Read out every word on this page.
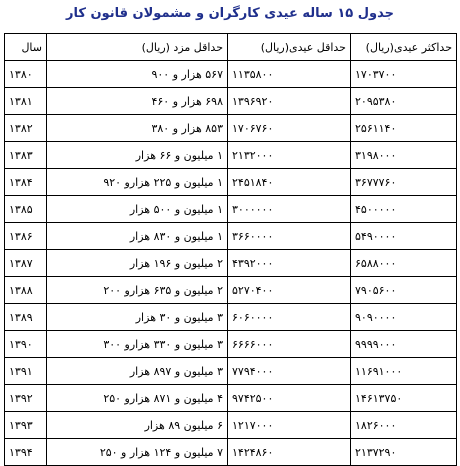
جدول ۱۵ ساله عیدی کارگران و مشمولان قانون کار
حداکثر عیدی(ریال)	حداقل عیدی(ریال)	حداقل مزد (ریال)	سال
۱۷۰۳۷۰۰	۱۱۳۵۸۰۰	۵۶۷ هزار و ۹۰۰	۱۳۸۰
۲۰۹۵۳۸۰	۱۳۹۶۹۲۰	۶۹۸ هزار و ۴۶۰	۱۳۸۱
۲۵۶۱۱۴۰	۱۷۰۶۷۶۰	۸۵۳ هزار و ۳۸۰	۱۳۸۲
۳۱۹۸۰۰۰	۲۱۳۲۰۰۰	۱ میلیون و ۶۶ هزار	۱۳۸۳
۳۶۷۷۷۶۰	۲۴۵۱۸۴۰	۱ میلیون و ۲۲۵ هزارو ۹۲۰	۱۳۸۴
۴۵۰۰۰۰۰	۳۰۰۰۰۰۰	۱ میلیون و ۵۰۰ هزار	۱۳۸۵
۵۴۹۰۰۰۰	۳۶۶۰۰۰۰	۱ میلیون و ۸۳۰ هزار	۱۳۸۶
۶۵۸۸۰۰۰	۴۳۹۲۰۰۰	۲ میلیون و ۱۹۶ هزار	۱۳۸۷
۷۹۰۵۶۰۰	۵۲۷۰۴۰۰	۲ میلیون و ۶۳۵ هزارو ۲۰۰	۱۳۸۸
۹۰۹۰۰۰۰	۶۰۶۰۰۰۰	۳ میلیون و ۳۰ هزار	۱۳۸۹
۹۹۹۹۰۰۰	۶۶۶۶۰۰۰	۳ میلیون و ۳۳۰ هزارو ۳۰۰	۱۳۹۰
۱۱۶۹۱۰۰۰	۷۷۹۴۰۰۰	۳ میلیون و ۸۹۷ هزار	۱۳۹۱
۱۴۶۱۳۷۵۰	۹۷۴۲۵۰۰	۴ میلیون و ۸۷۱ هزارو ۲۵۰	۱۳۹۲
۱۸۲۶۰۰۰	۱۲۱۷۰۰۰	۶ میلیون ۸۹ هزار	۱۳۹۳
۲۱۳۷۲۹۰	۱۴۲۴۸۶۰	۷ میلیون و ۱۲۴ هزار و ۲۵۰	۱۳۹۴
